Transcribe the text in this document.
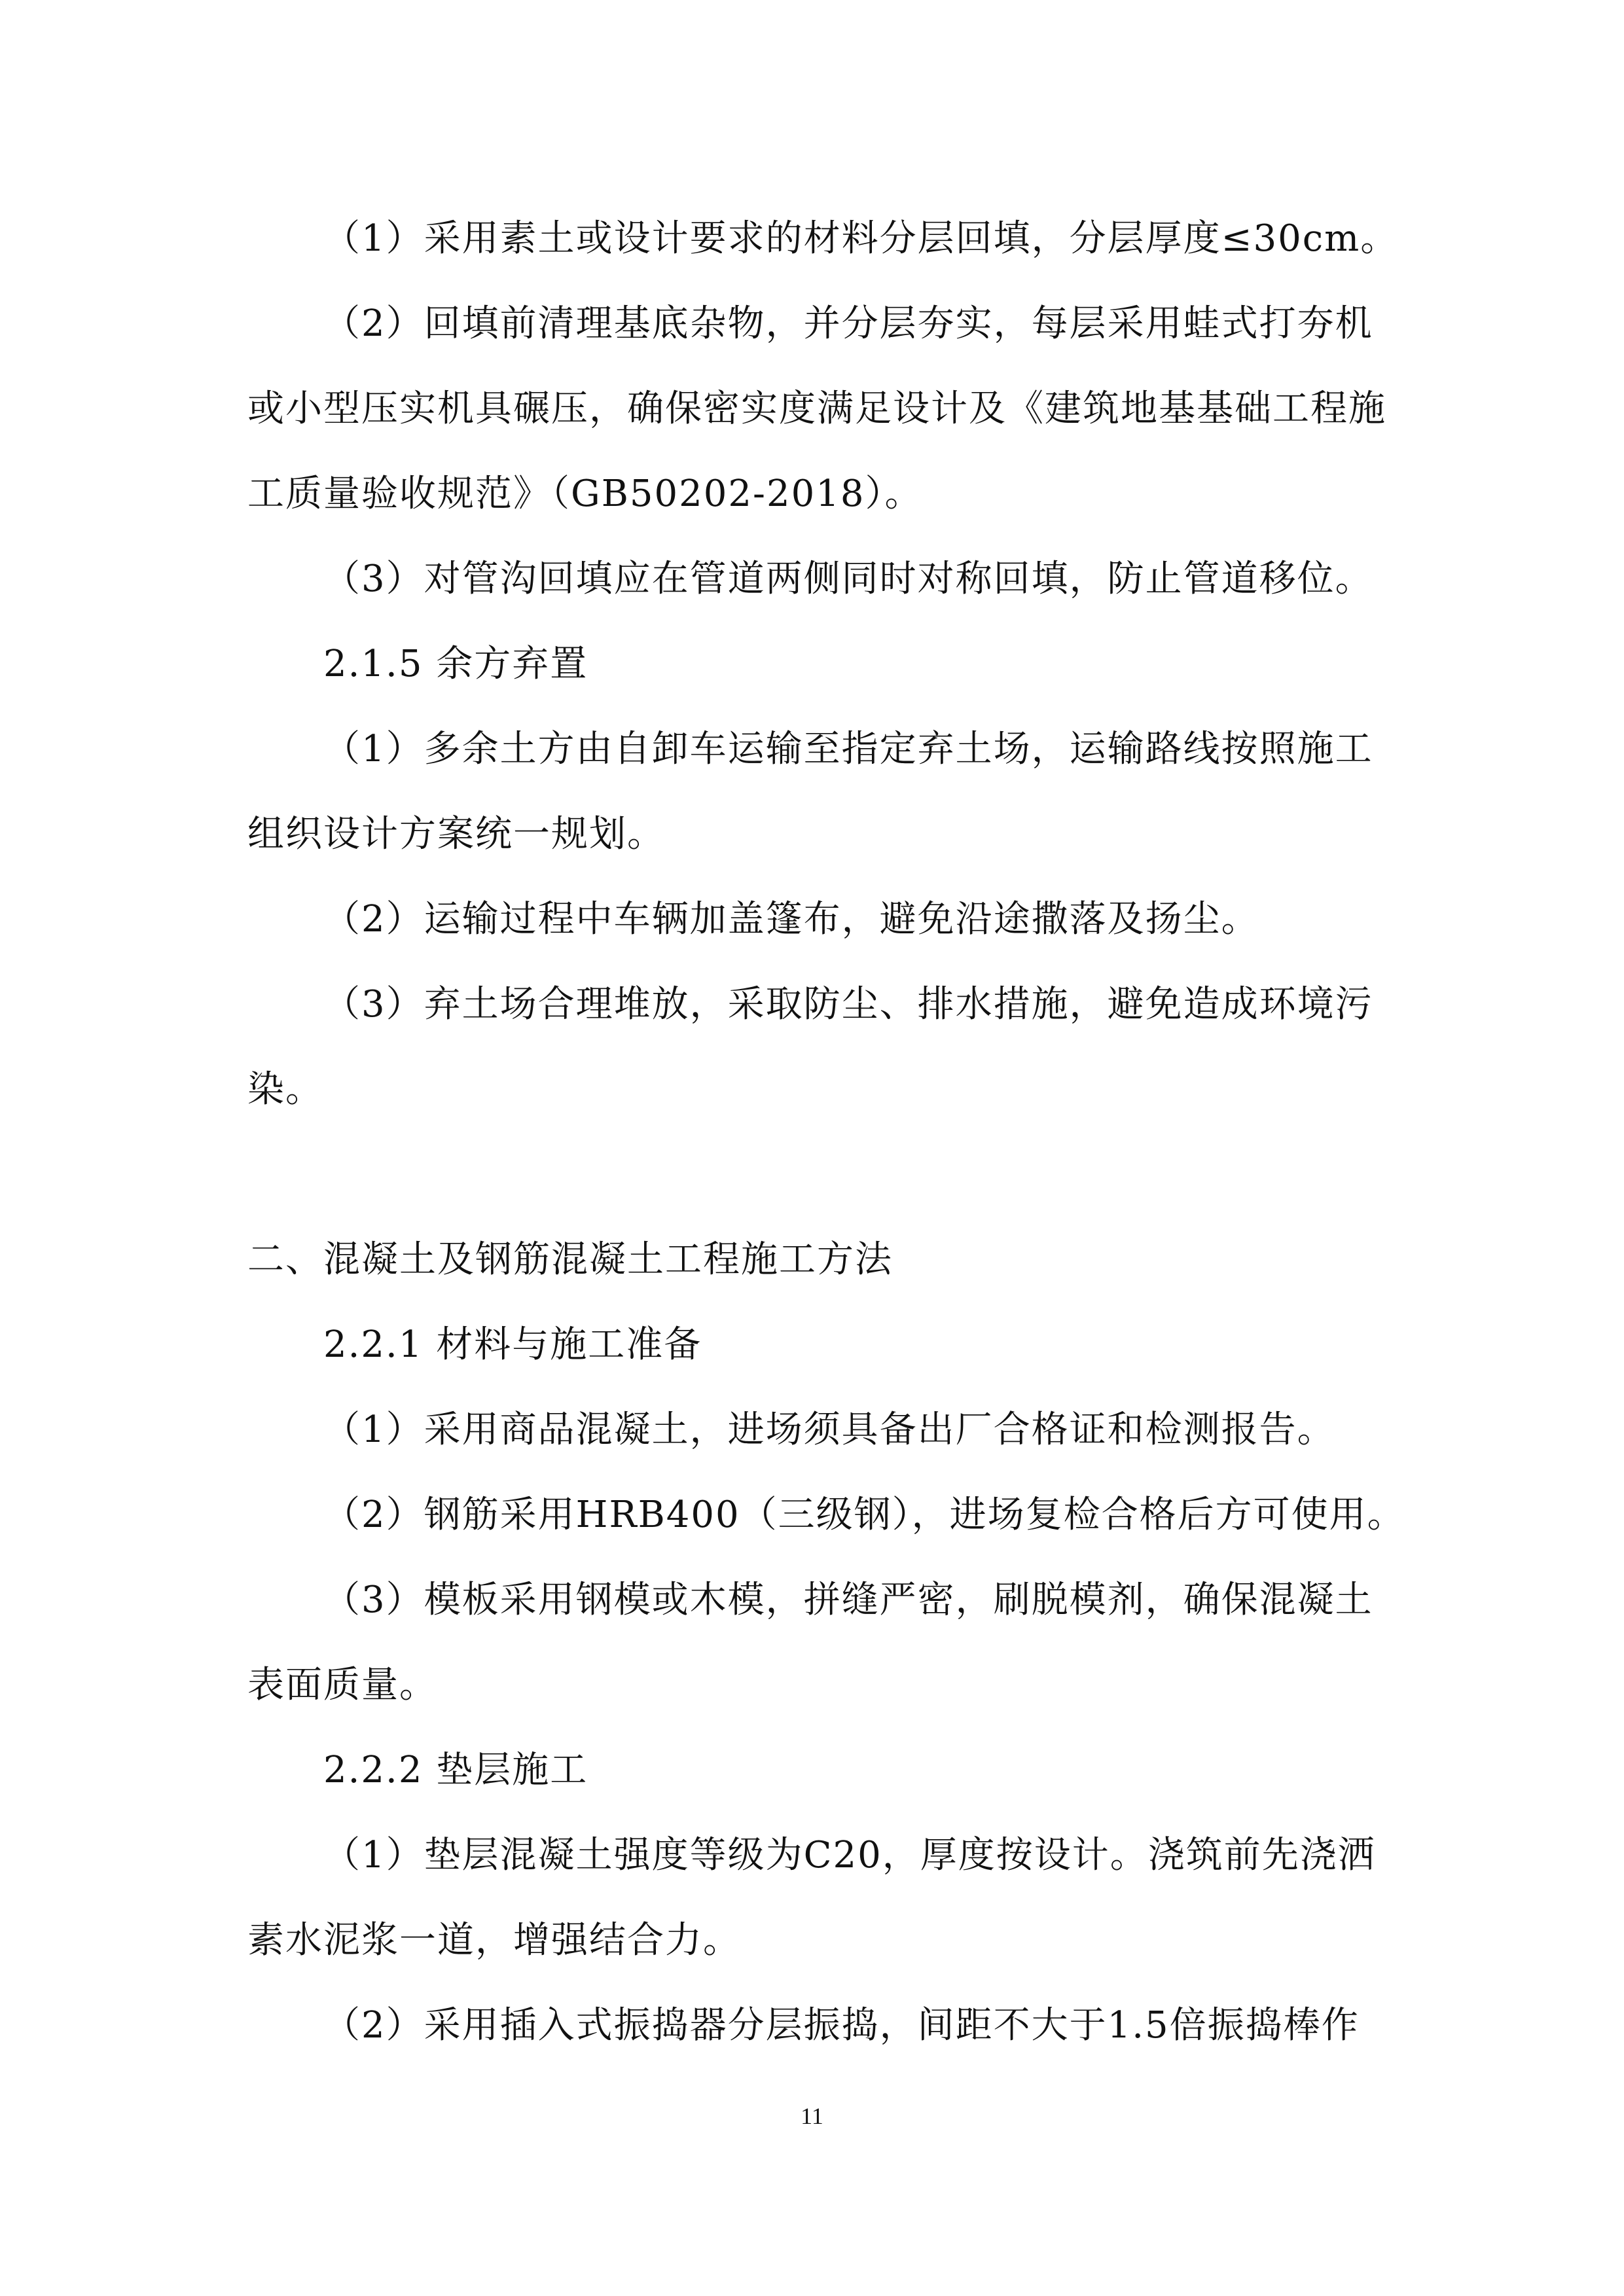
（1）采用素土或设计要求的材料分层回填，分层厚度≤30cm。

（2）回填前清理基底杂物，并分层夯实，每层采用蛙式打夯机

或小型压实机具碾压，确保密实度满足设计及《建筑地基基础工程施

工质量验收规范》（GB50202-2018）。

（3）对管沟回填应在管道两侧同时对称回填，防止管道移位。

2.1.5 余方弃置

（1）多余土方由自卸车运输至指定弃土场，运输路线按照施工

组织设计方案统一规划。

（2）运输过程中车辆加盖篷布，避免沿途撒落及扬尘。

（3）弃土场合理堆放，采取防尘、排水措施，避免造成环境污

染。

二、混凝土及钢筋混凝土工程施工方法

2.2.1 材料与施工准备

（1）采用商品混凝土，进场须具备出厂合格证和检测报告。

（2）钢筋采用HRB400（三级钢），进场复检合格后方可使用。

（3）模板采用钢模或木模，拼缝严密，刷脱模剂，确保混凝土

表面质量。

2.2.2 垫层施工

（1）垫层混凝土强度等级为C20，厚度按设计。浇筑前先浇洒

素水泥浆一道，增强结合力。

（2）采用插入式振捣器分层振捣，间距不大于1.5倍振捣棒作

11
